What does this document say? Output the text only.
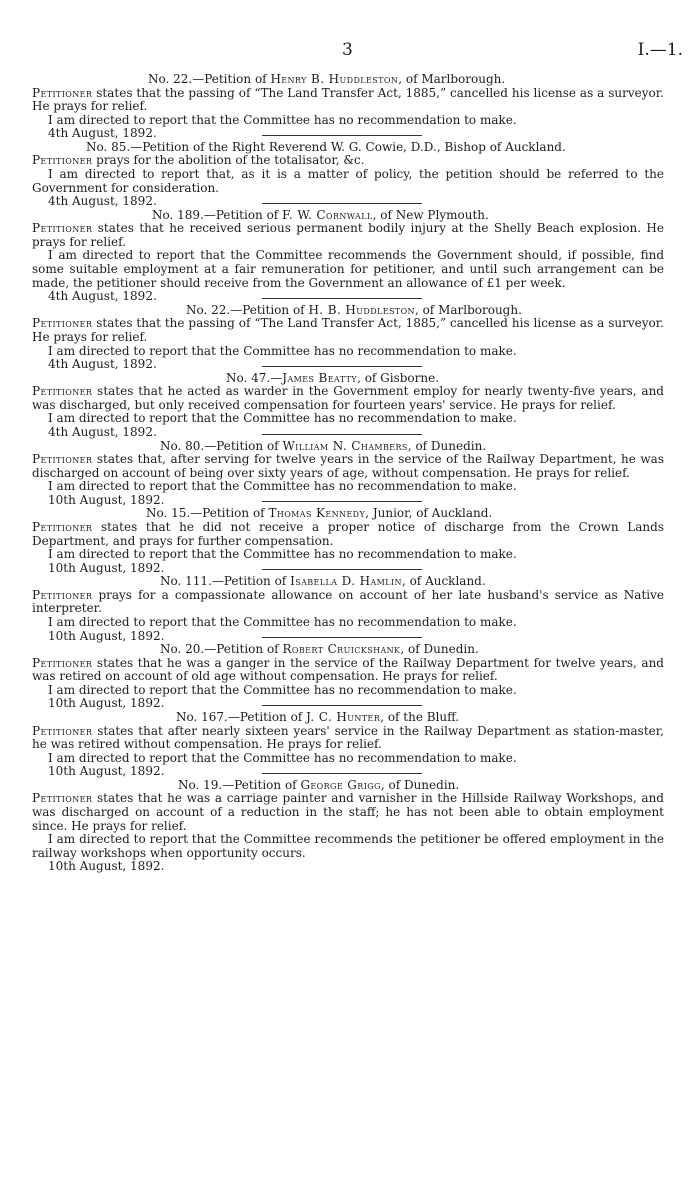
3	I.—1.
No. 22.—Petition of Henry B. Huddleston, of Marlborough.
Petitioner states that the passing of “The Land Transfer Act, 1885,” cancelled his license as a surveyor. He prays for relief.
I am directed to report that the Committee has no recommendation to make.
4th August, 1892.
No. 85.—Petition of the Right Reverend W. G. Cowie, D.D., Bishop of Auckland.
Petitioner prays for the abolition of the totalisator, &c.
I am directed to report that, as it is a matter of policy, the petition should be referred to the Government for consideration.
4th August, 1892.
No. 189.—Petition of F. W. Cornwall, of New Plymouth.
Petitioner states that he received serious permanent bodily injury at the Shelly Beach explosion. He prays for relief.
I am directed to report that the Committee recommends the Government should, if possible, find some suitable employment at a fair remuneration for petitioner, and until such arrangement can be made, the petitioner should receive from the Government an allowance of £1 per week.
4th August, 1892.
No. 22.—Petition of H. B. Huddleston, of Marlborough.
Petitioner states that the passing of “The Land Transfer Act, 1885,” cancelled his license as a surveyor. He prays for relief.
I am directed to report that the Committee has no recommendation to make.
4th August, 1892.
No. 47.—James Beatty, of Gisborne.
Petitioner states that he acted as warder in the Government employ for nearly twenty-five years, and was discharged, but only received compensation for fourteen years' service. He prays for relief.
I am directed to report that the Committee has no recommendation to make.
4th August, 1892.
No. 80.—Petition of William N. Chambers, of Dunedin.
Petitioner states that, after serving for twelve years in the service of the Railway Department, he was discharged on account of being over sixty years of age, without compensation. He prays for relief.
I am directed to report that the Committee has no recommendation to make.
10th August, 1892.
No. 15.—Petition of Thomas Kennedy, Junior, of Auckland.
Petitioner states that he did not receive a proper notice of discharge from the Crown Lands Department, and prays for further compensation.
I am directed to report that the Committee has no recommendation to make.
10th August, 1892.
No. 111.—Petition of Isabella D. Hamlin, of Auckland.
Petitioner prays for a compassionate allowance on account of her late husband's service as Native interpreter.
I am directed to report that the Committee has no recommendation to make.
10th August, 1892.
No. 20.—Petition of Robert Cruickshank, of Dunedin.
Petitioner states that he was a ganger in the service of the Railway Department for twelve years, and was retired on account of old age without compensation. He prays for relief.
I am directed to report that the Committee has no recommendation to make.
10th August, 1892.
No. 167.—Petition of J. C. Hunter, of the Bluff.
Petitioner states that after nearly sixteen years' service in the Railway Department as station-master, he was retired without compensation. He prays for relief.
I am directed to report that the Committee has no recommendation to make.
10th August, 1892.
No. 19.—Petition of George Grigg, of Dunedin.
Petitioner states that he was a carriage painter and varnisher in the Hillside Railway Workshops, and was discharged on account of a reduction in the staff; he has not been able to obtain employment since. He prays for relief.
I am directed to report that the Committee recommends the petitioner be offered employment in the railway workshops when opportunity occurs.
10th August, 1892.
